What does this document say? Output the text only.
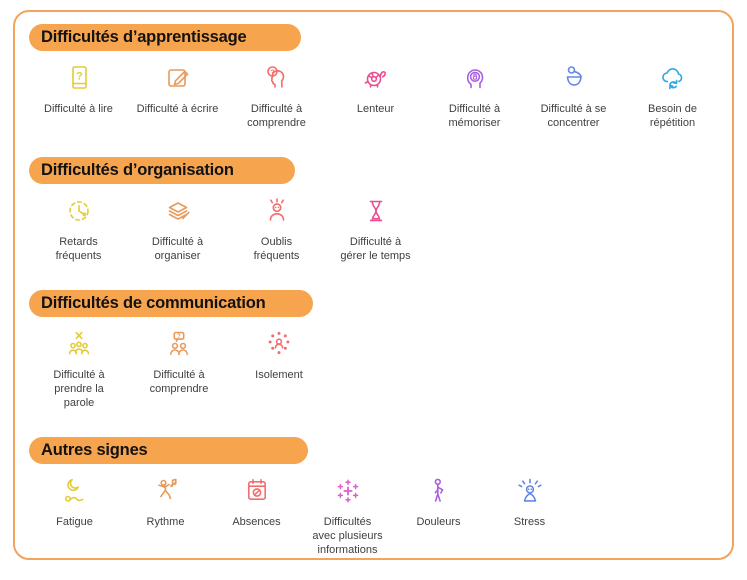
Difficultés d’apprentissage
?
Difficulté à lire Difficulté à écrire
?
Difficulté à comprendre
Lenteur	Difficulté à mémoriser
Difficulté à se concentrer
Besoin de répétition
Difficultés d’organisation
Retards fréquents
Difficulté à organiser
Oublis fréquents
Difficulté à gérer le temps
Difficultés de communication
Difficulté à prendre la parole
?
Difficulté à comprendre
Isolement
Autres signes
Fatigue	Rythme	Absences	Difficultés avec plusieurs informations
Douleurs	Stress
